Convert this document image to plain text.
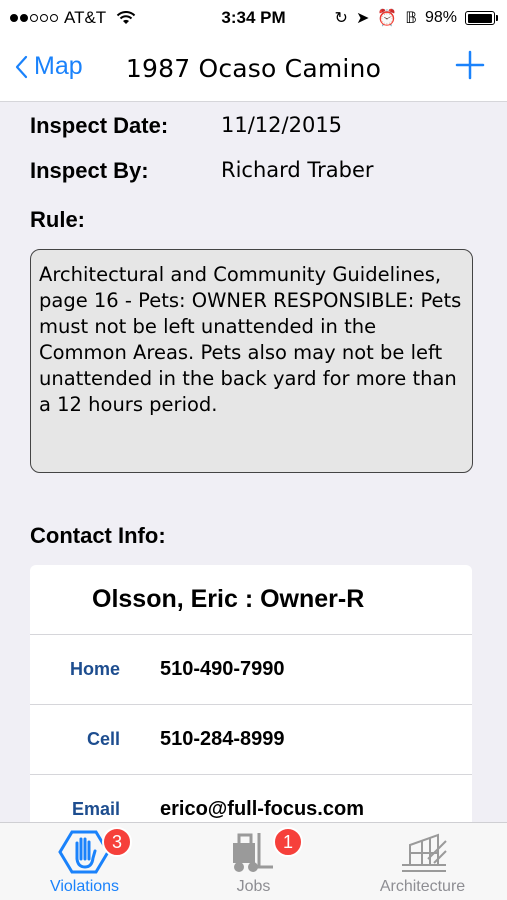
AT&T	3:34 PM	↻ ➤ ⏰ 𝔹 98%
Map	1987 Ocaso Camino
Inspect Date:	11/12/2015
Inspect By:	Richard Traber
Rule:
Architectural and Community Guidelines, page 16 - Pets: OWNER RESPONSIBLE: Pets must not be left unattended in the Common Areas. Pets also may not be left unattended in the back yard for more than a 12 hours period.
Contact Info:
Olsson, Eric : Owner-R
Home	510-490-7990
Cell	510-284-8999
Email	erico@full-focus.com
3
Violations
1
Jobs	Architecture
